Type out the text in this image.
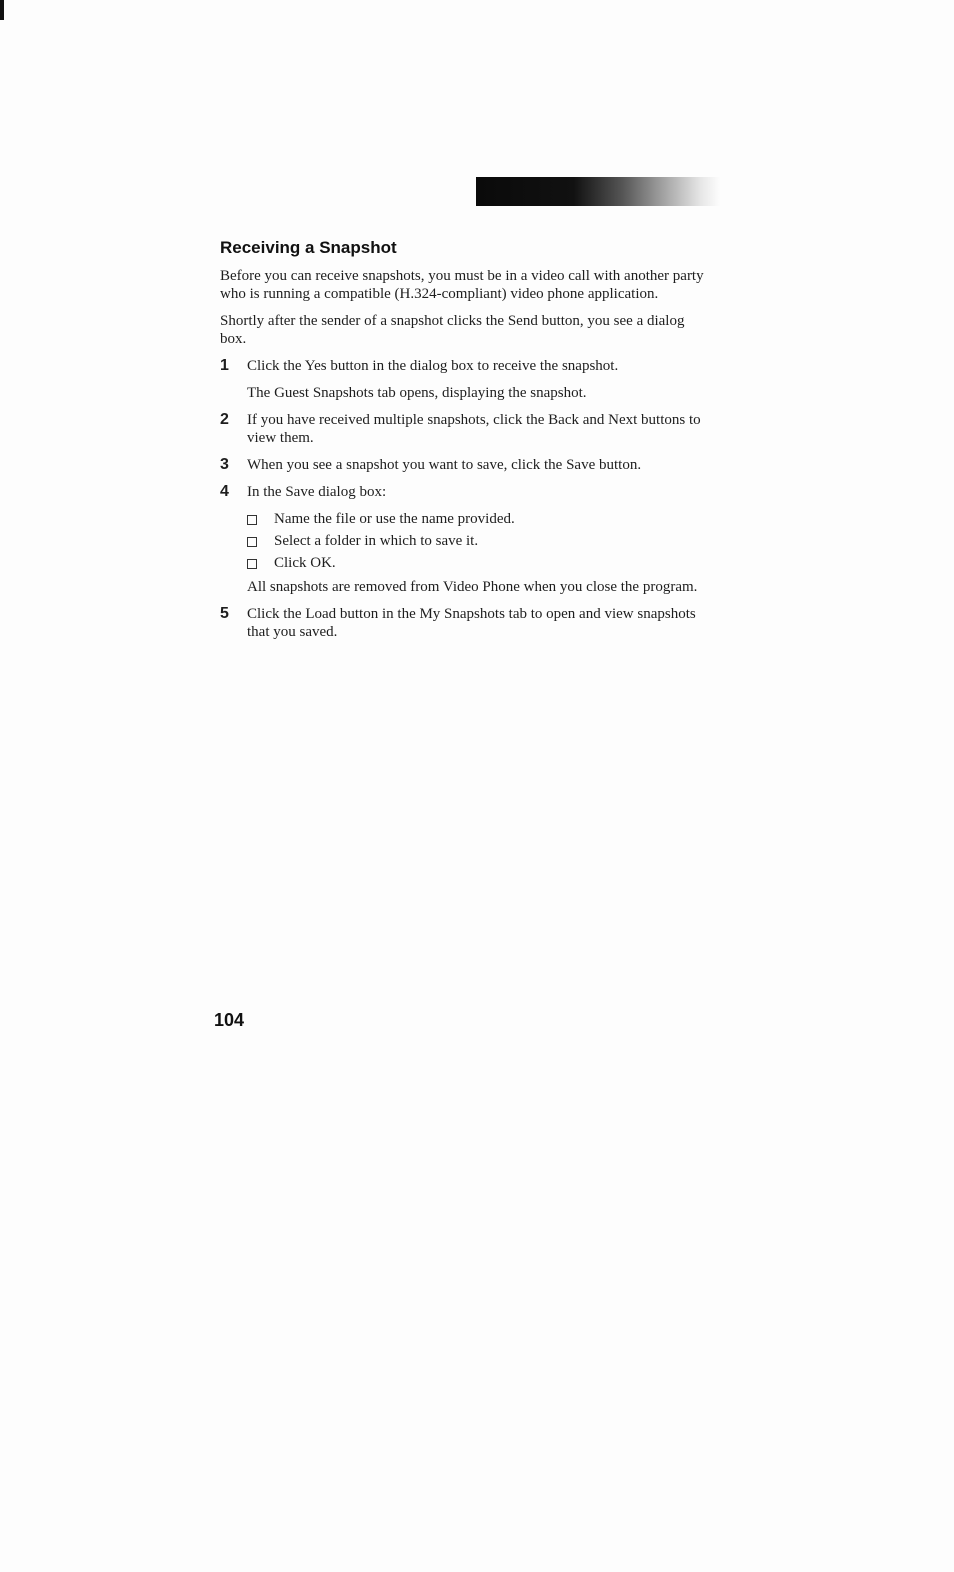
Receiving a Snapshot

Before you can receive snapshots, you must be in a video call with another party who is running a compatible (H.324-compliant) video phone application.

Shortly after the sender of a snapshot clicks the Send button, you see a dialog box.

1 Click the Yes button in the dialog box to receive the snapshot.
The Guest Snapshots tab opens, displaying the snapshot.
2 If you have received multiple snapshots, click the Back and Next buttons to view them.
3 When you see a snapshot you want to save, click the Save button.
4 In the Save dialog box:
Name the file or use the name provided.
Select a folder in which to save it.
Click OK.
All snapshots are removed from Video Phone when you close the program.
5 Click the Load button in the My Snapshots tab to open and view snapshots that you saved.
104
